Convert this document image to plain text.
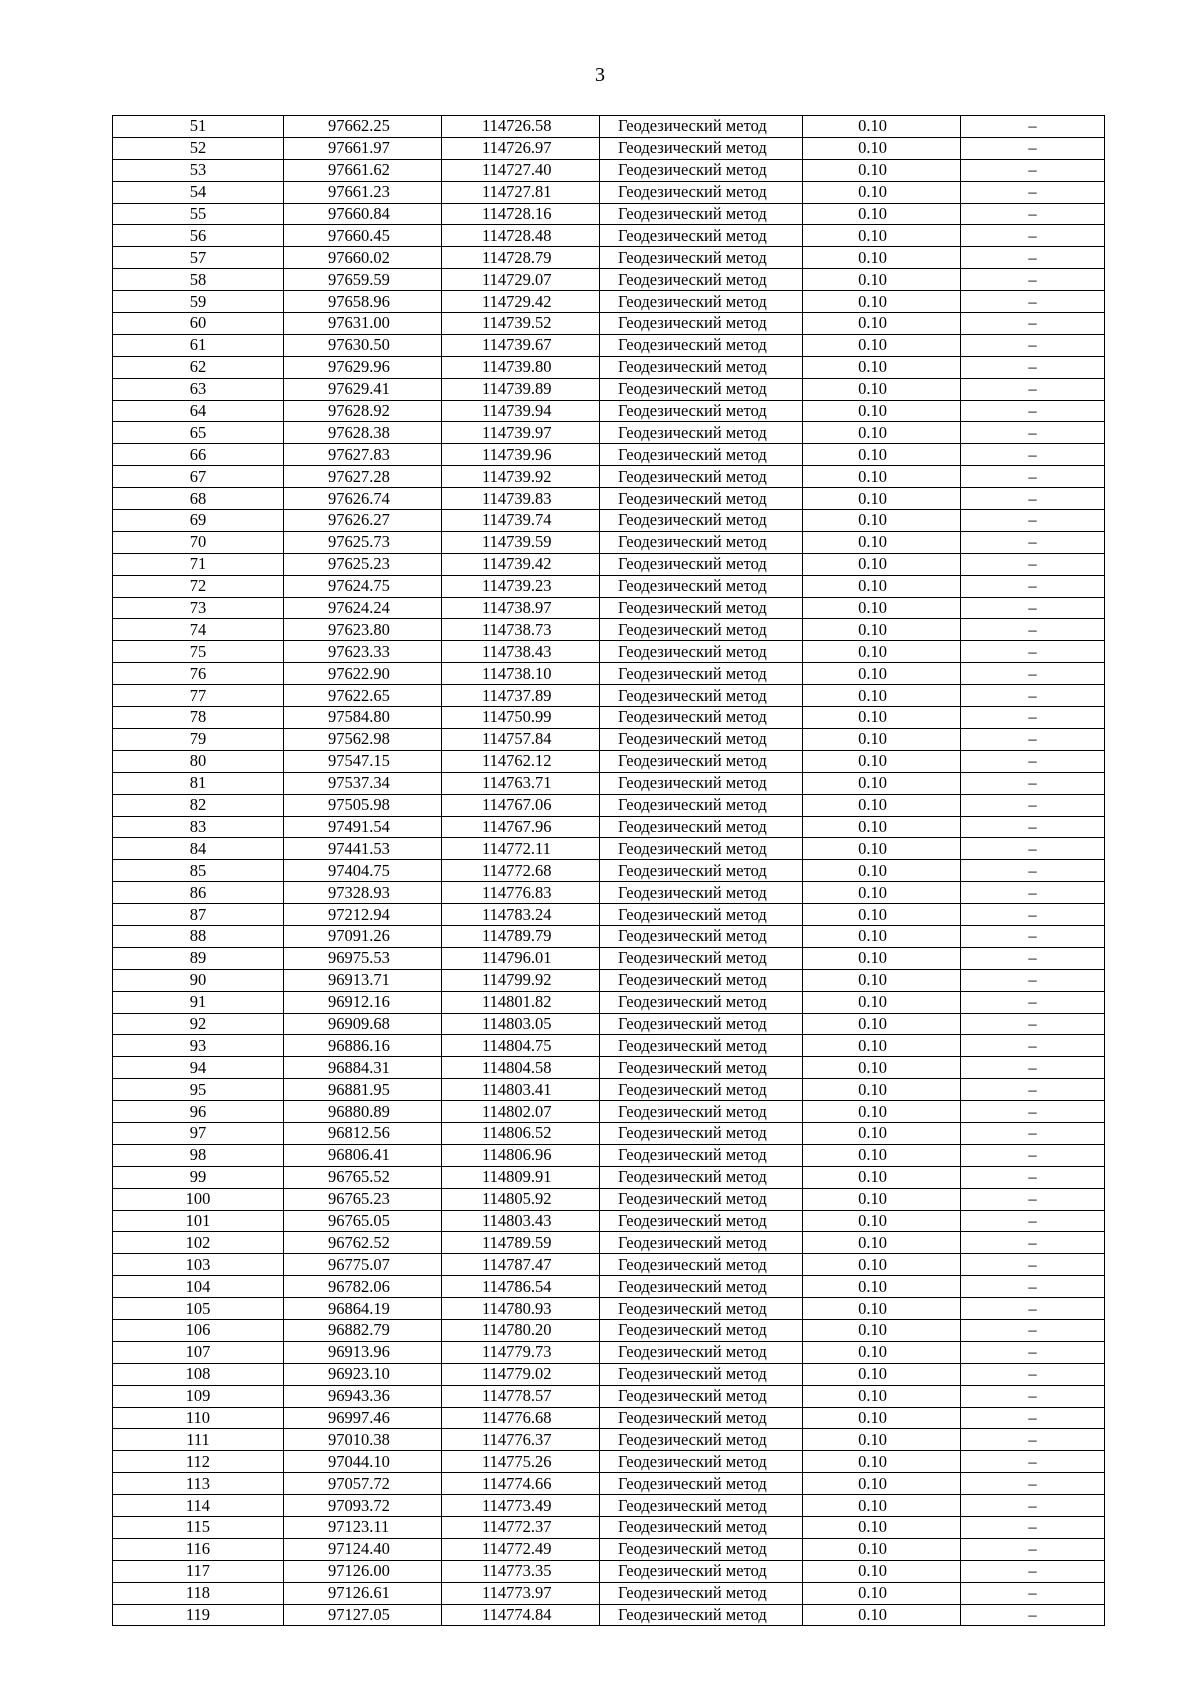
3
51	97662.25	114726.58	Геодезический метод	0.10	–
52	97661.97	114726.97	Геодезический метод	0.10	–
53	97661.62	114727.40	Геодезический метод	0.10	–
54	97661.23	114727.81	Геодезический метод	0.10	–
55	97660.84	114728.16	Геодезический метод	0.10	–
56	97660.45	114728.48	Геодезический метод	0.10	–
57	97660.02	114728.79	Геодезический метод	0.10	–
58	97659.59	114729.07	Геодезический метод	0.10	–
59	97658.96	114729.42	Геодезический метод	0.10	–
60	97631.00	114739.52	Геодезический метод	0.10	–
61	97630.50	114739.67	Геодезический метод	0.10	–
62	97629.96	114739.80	Геодезический метод	0.10	–
63	97629.41	114739.89	Геодезический метод	0.10	–
64	97628.92	114739.94	Геодезический метод	0.10	–
65	97628.38	114739.97	Геодезический метод	0.10	–
66	97627.83	114739.96	Геодезический метод	0.10	–
67	97627.28	114739.92	Геодезический метод	0.10	–
68	97626.74	114739.83	Геодезический метод	0.10	–
69	97626.27	114739.74	Геодезический метод	0.10	–
70	97625.73	114739.59	Геодезический метод	0.10	–
71	97625.23	114739.42	Геодезический метод	0.10	–
72	97624.75	114739.23	Геодезический метод	0.10	–
73	97624.24	114738.97	Геодезический метод	0.10	–
74	97623.80	114738.73	Геодезический метод	0.10	–
75	97623.33	114738.43	Геодезический метод	0.10	–
76	97622.90	114738.10	Геодезический метод	0.10	–
77	97622.65	114737.89	Геодезический метод	0.10	–
78	97584.80	114750.99	Геодезический метод	0.10	–
79	97562.98	114757.84	Геодезический метод	0.10	–
80	97547.15	114762.12	Геодезический метод	0.10	–
81	97537.34	114763.71	Геодезический метод	0.10	–
82	97505.98	114767.06	Геодезический метод	0.10	–
83	97491.54	114767.96	Геодезический метод	0.10	–
84	97441.53	114772.11	Геодезический метод	0.10	–
85	97404.75	114772.68	Геодезический метод	0.10	–
86	97328.93	114776.83	Геодезический метод	0.10	–
87	97212.94	114783.24	Геодезический метод	0.10	–
88	97091.26	114789.79	Геодезический метод	0.10	–
89	96975.53	114796.01	Геодезический метод	0.10	–
90	96913.71	114799.92	Геодезический метод	0.10	–
91	96912.16	114801.82	Геодезический метод	0.10	–
92	96909.68	114803.05	Геодезический метод	0.10	–
93	96886.16	114804.75	Геодезический метод	0.10	–
94	96884.31	114804.58	Геодезический метод	0.10	–
95	96881.95	114803.41	Геодезический метод	0.10	–
96	96880.89	114802.07	Геодезический метод	0.10	–
97	96812.56	114806.52	Геодезический метод	0.10	–
98	96806.41	114806.96	Геодезический метод	0.10	–
99	96765.52	114809.91	Геодезический метод	0.10	–
100	96765.23	114805.92	Геодезический метод	0.10	–
101	96765.05	114803.43	Геодезический метод	0.10	–
102	96762.52	114789.59	Геодезический метод	0.10	–
103	96775.07	114787.47	Геодезический метод	0.10	–
104	96782.06	114786.54	Геодезический метод	0.10	–
105	96864.19	114780.93	Геодезический метод	0.10	–
106	96882.79	114780.20	Геодезический метод	0.10	–
107	96913.96	114779.73	Геодезический метод	0.10	–
108	96923.10	114779.02	Геодезический метод	0.10	–
109	96943.36	114778.57	Геодезический метод	0.10	–
110	96997.46	114776.68	Геодезический метод	0.10	–
111	97010.38	114776.37	Геодезический метод	0.10	–
112	97044.10	114775.26	Геодезический метод	0.10	–
113	97057.72	114774.66	Геодезический метод	0.10	–
114	97093.72	114773.49	Геодезический метод	0.10	–
115	97123.11	114772.37	Геодезический метод	0.10	–
116	97124.40	114772.49	Геодезический метод	0.10	–
117	97126.00	114773.35	Геодезический метод	0.10	–
118	97126.61	114773.97	Геодезический метод	0.10	–
119	97127.05	114774.84	Геодезический метод	0.10	–
